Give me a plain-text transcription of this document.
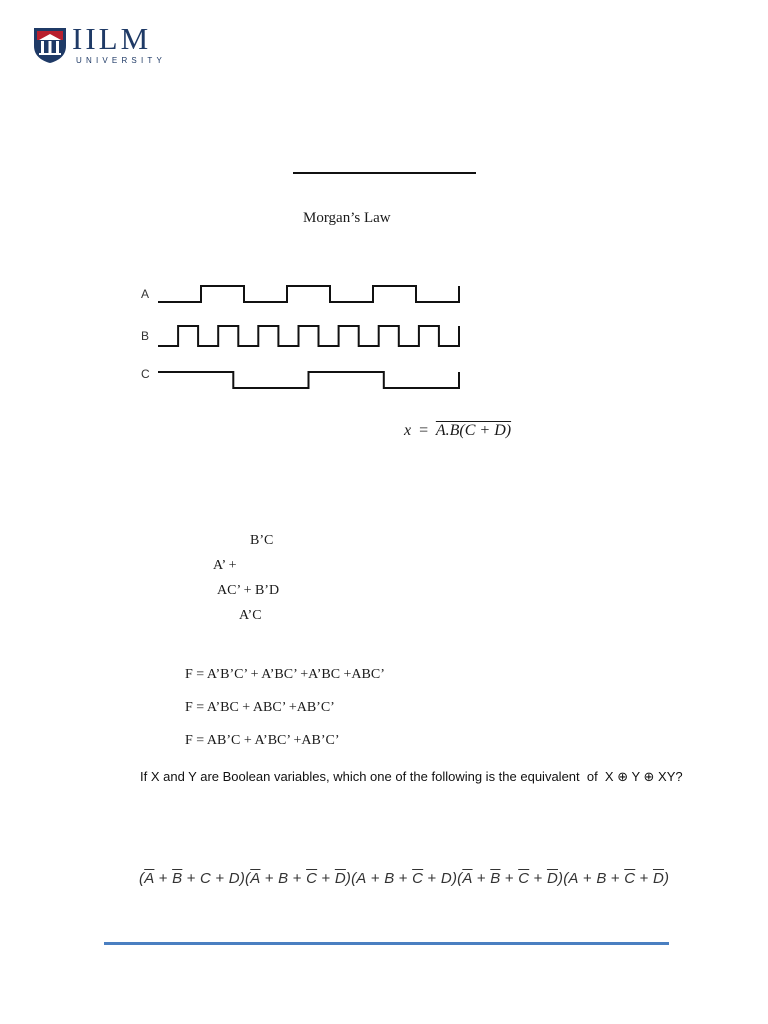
IILM
UNIVERSITY
Morgan’s Law
A
B
C
x = A.B(C + D)
B’C
A’ +
AC’ + B’D
A’C
F = A’B’C’ + A’BC’ +A’BC +ABC’
F = A’BC + ABC’ +AB’C’
F = AB’C + A’BC’ +AB’C’
If X and Y are Boolean variables, which one of the following is the equivalent  of  X ⊕ Y ⊕ XY?
$(\overline{A} + \overline{B} + C + D)(\overline{A} + B + \overline{C} + \overline{D})(A + B + \overline{C} + D)(\overline{A} + \overline{B} + \overline{C} + \overline{D})(A + B + \overline{C} + \overline{D})$
